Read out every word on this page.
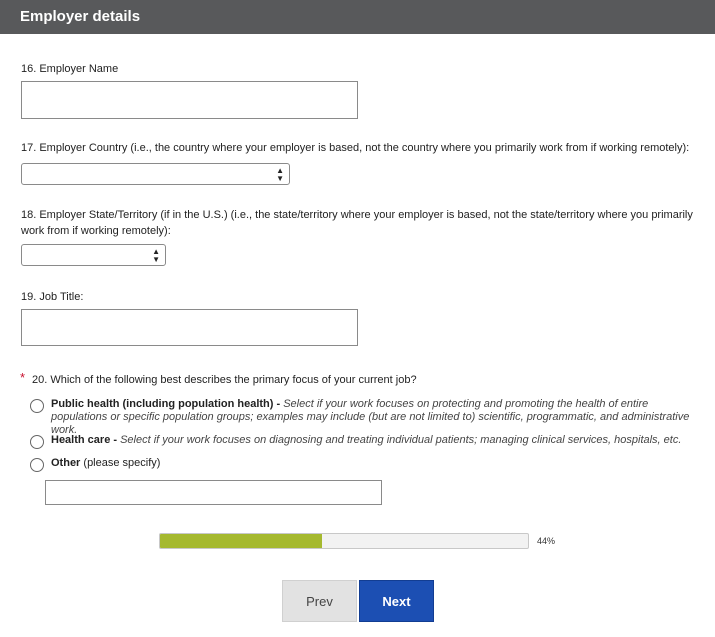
Employer details
16. Employer Name
17. Employer Country (i.e., the country where your employer is based, not the country where you primarily work from if working remotely):
▲
▼
18. Employer State/Territory (if in the U.S.) (i.e., the state/territory where your employer is based, not the state/territory where you primarily work from if working remotely):
▲
▼
19. Job Title:
* 20. Which of the following best describes the primary focus of your current job?
Public health (including population health) - Select if your work focuses on protecting and promoting the health of entire populations or specific population groups; examples may include (but are not limited to) scientific, programmatic, and administrative work.
Health care - Select if your work focuses on diagnosing and treating individual patients; managing clinical services, hospitals, etc.
Other (please specify)
44%
Prev	Next
